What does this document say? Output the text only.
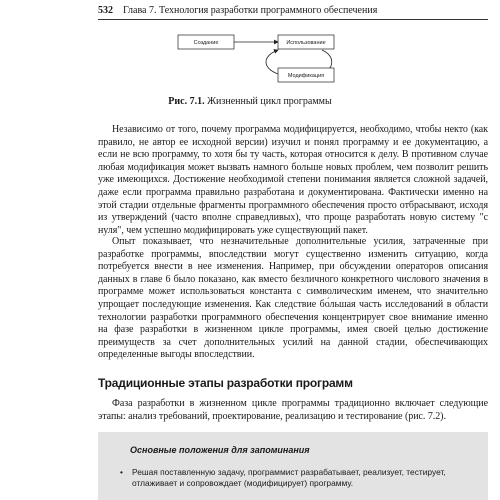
532 Глава 7. Технология разработки программного обеспечения
Создание	Использование
Модификация
Рис. 7.1. Жизненный цикл программы

Независимо от того, почему программа модифицируется, необходимо, чтобы некто (как правило, не автор ее исходной версии) изучил и понял программу и ее документацию, а если не всю программу, то хотя бы ту часть, которая относится к делу. В противном случае любая модификация может вызвать намного больше новых проблем, чем позволит решить уже имеющихся. Достижение необходимой степени понимания является сложной задачей, даже если программа правильно разработана и документирована. Фактически именно на этой стадии отдельные фрагменты программного обеспечения просто отбрасывают, исходя из утверждений (часто вполне справедливых), что проще разработать новую систему "с нуля", чем успешно модифицировать уже существующий пакет.

Опыт показывает, что незначительные дополнительные усилия, затраченные при разработке программы, впоследствии могут существенно изменить ситуацию, когда потребуется внести в нее изменения. Например, при обсуждении операторов описания данных в главе 6 было показано, как вместо безличного конкретного числового значения в программе может использоваться константа с символическим именем, что значительно упрощает последующие изменения. Как следствие бо́льшая часть исследований в области технологии разработки программного обеспечения концентрирует свое внимание именно на фазе разработки в жизненном цикле программы, имея своей целью достижение преимуществ за счет дополнительных усилий на данной стадии, обеспечивающих определенные выгоды впоследствии.

Традиционные этапы разработки программ

Фаза разработки в жизненном цикле программы традиционно включает следующие этапы: анализ требований, проектирование, реализацию и тестирование (рис. 7.2).

Основные положения для запоминания
•	Решая поставленную задачу, программист разрабатывает, реализует, тестирует, отлаживает и сопровождает (модифицирует) программу.
